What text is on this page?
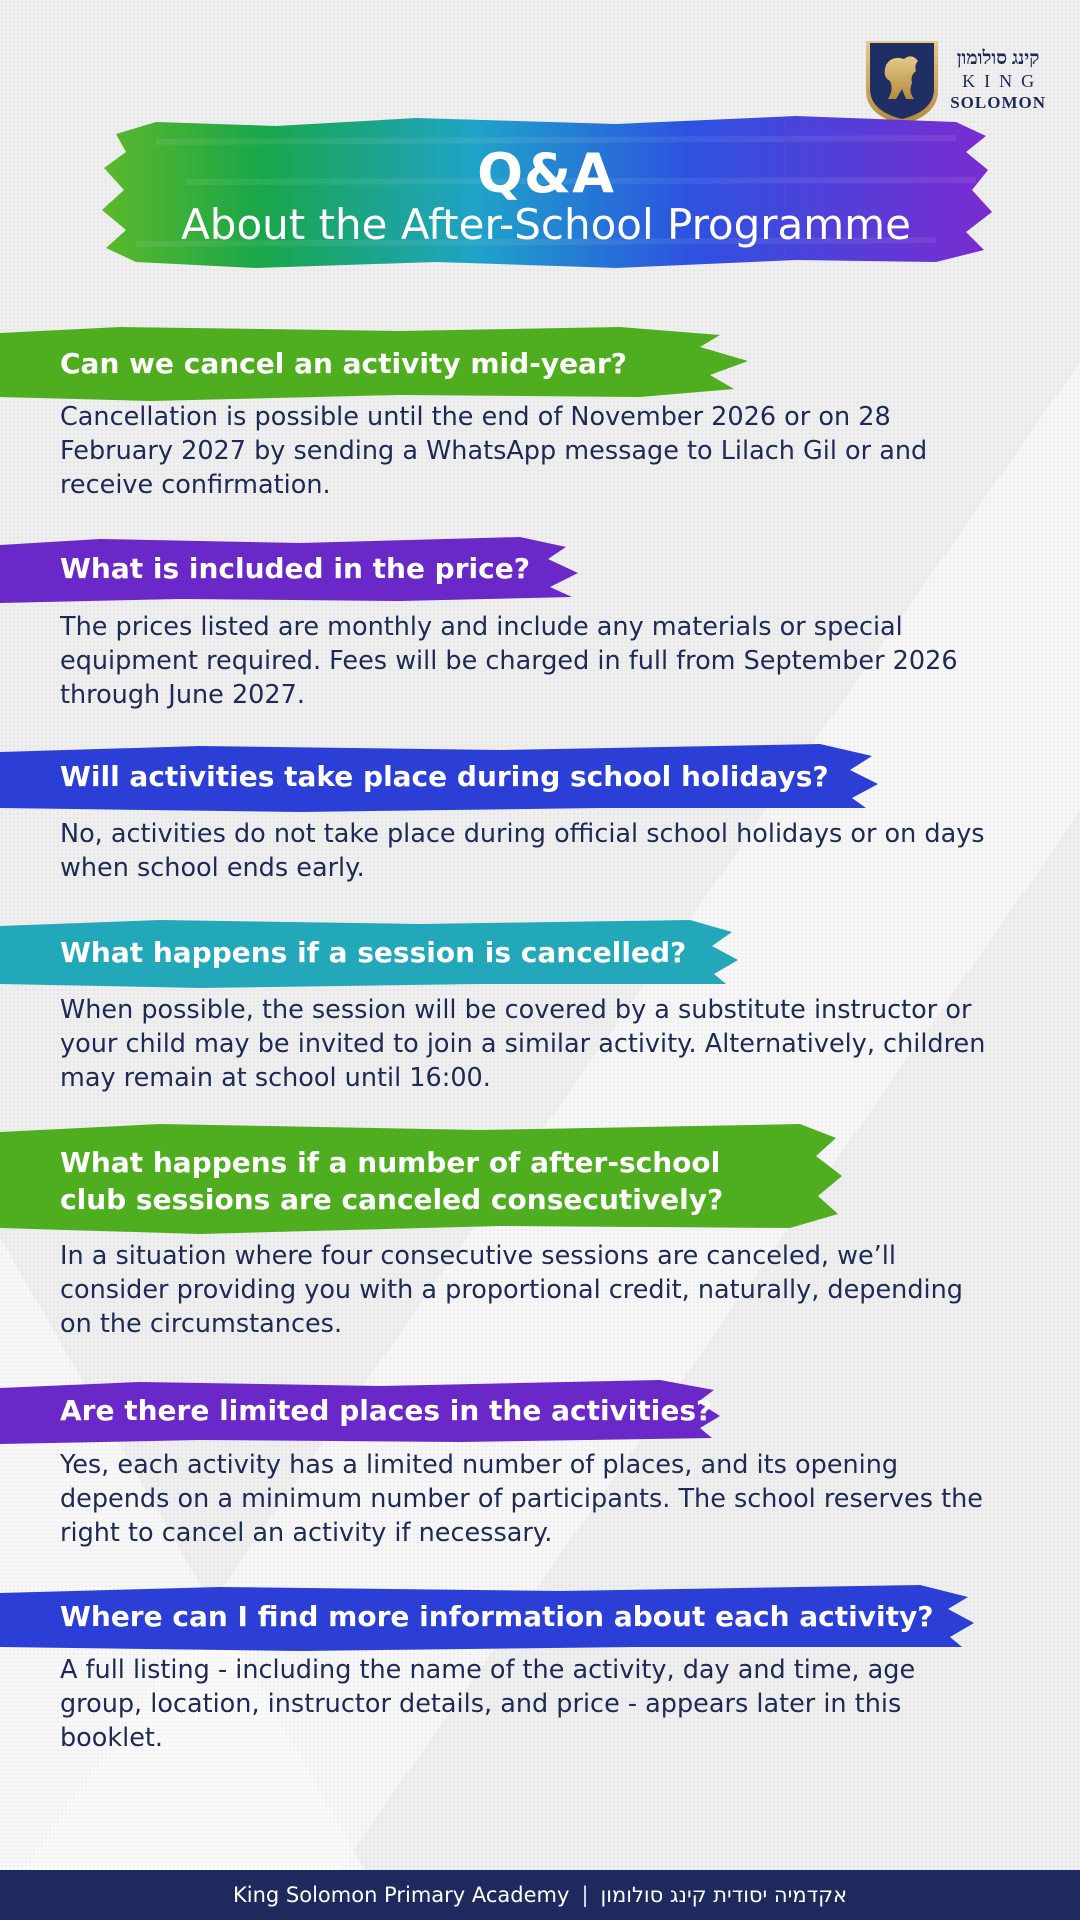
קינג סולומון
KING
SOLOMON
Q&A
About the After-School Programme
Can we cancel an activity mid-year?
Cancellation is possible until the end of November 2026 or on 28 February 2027 by sending a WhatsApp message to Lilach Gil or and receive confirmation.
What is included in the price?
The prices listed are monthly and include any materials or special equipment required. Fees will be charged in full from September 2026 through June 2027.
Will activities take place during school holidays?
No, activities do not take place during official school holidays or on days when school ends early.
What happens if a session is cancelled?
When possible, the session will be covered by a substitute instructor or your child may be invited to join a similar activity. Alternatively, children may remain at school until 16:00.
What happens if a number of after-school club sessions are canceled consecutively?
In a situation where four consecutive sessions are canceled, we’ll consider providing you with a proportional credit, naturally, depending on the circumstances.
Are there limited places in the activities?
Yes, each activity has a limited number of places, and its opening depends on a minimum number of participants. The school reserves the right to cancel an activity if necessary.
Where can I find more information about each activity?
A full listing - including the name of the activity, day and time, age group, location, instructor details, and price - appears later in this booklet.
King Solomon Primary Academy | אקדמיה יסודית קינג סולומון
